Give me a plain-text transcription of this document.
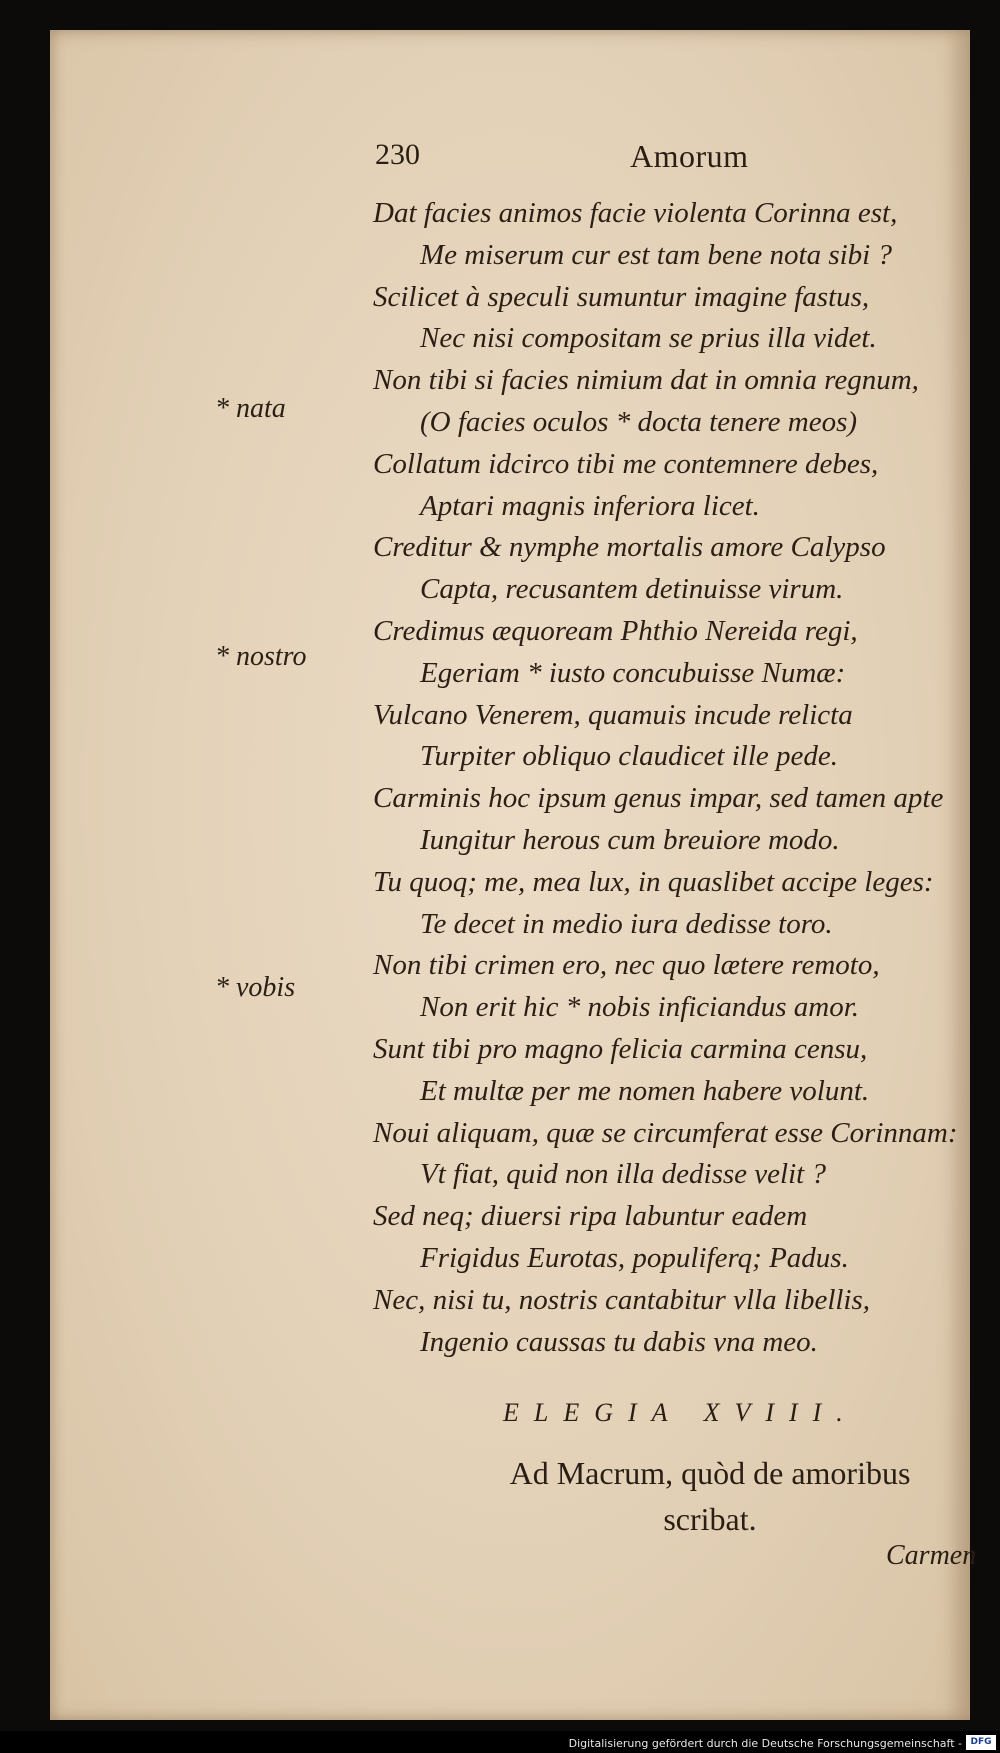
230	Amorum
Dat facies animos facie violenta Corinna est,
Me miserum cur est tam bene nota sibi ?
Scilicet à speculi sumuntur imagine fastus,
Nec nisi compositam se prius illa videt.
Non tibi si facies nimium dat in omnia regnum,
(O facies oculos * docta tenere meos)
Collatum idcirco tibi me contemnere debes,
Aptari magnis inferiora licet.
Creditur & nymphe mortalis amore Calypso
Capta, recusantem detinuisse virum.
Credimus æquoream Phthio Nereida regi,
Egeriam * iusto concubuisse Numæ:
Vulcano Venerem, quamuis incude relicta
Turpiter obliquo claudicet ille pede.
Carminis hoc ipsum genus impar, sed tamen apte
Iungitur herous cum breuiore modo.
Tu quoq; me, mea lux, in quaslibet accipe leges:
Te decet in medio iura dedisse toro.
Non tibi crimen ero, nec quo lætere remoto,
Non erit hic * nobis inficiandus amor.
Sunt tibi pro magno felicia carmina censu,
Et multæ per me nomen habere volunt.
Noui aliquam, quæ se circumferat esse Corinnam:
Vt fiat, quid non illa dedisse velit ?
Sed neq; diuersi ripa labuntur eadem
Frigidus Eurotas, populiferq; Padus.
Nec, nisi tu, nostris cantabitur vlla libellis,
Ingenio caussas tu dabis vna meo.
* nata
* nostro
* vobis
ELEGIA XVIII.
Ad Macrum, quòd de amoribus
scribat.
Carmen
Digitalisierung gefördert durch die Deutsche Forschungsgemeinschaft - DFG
